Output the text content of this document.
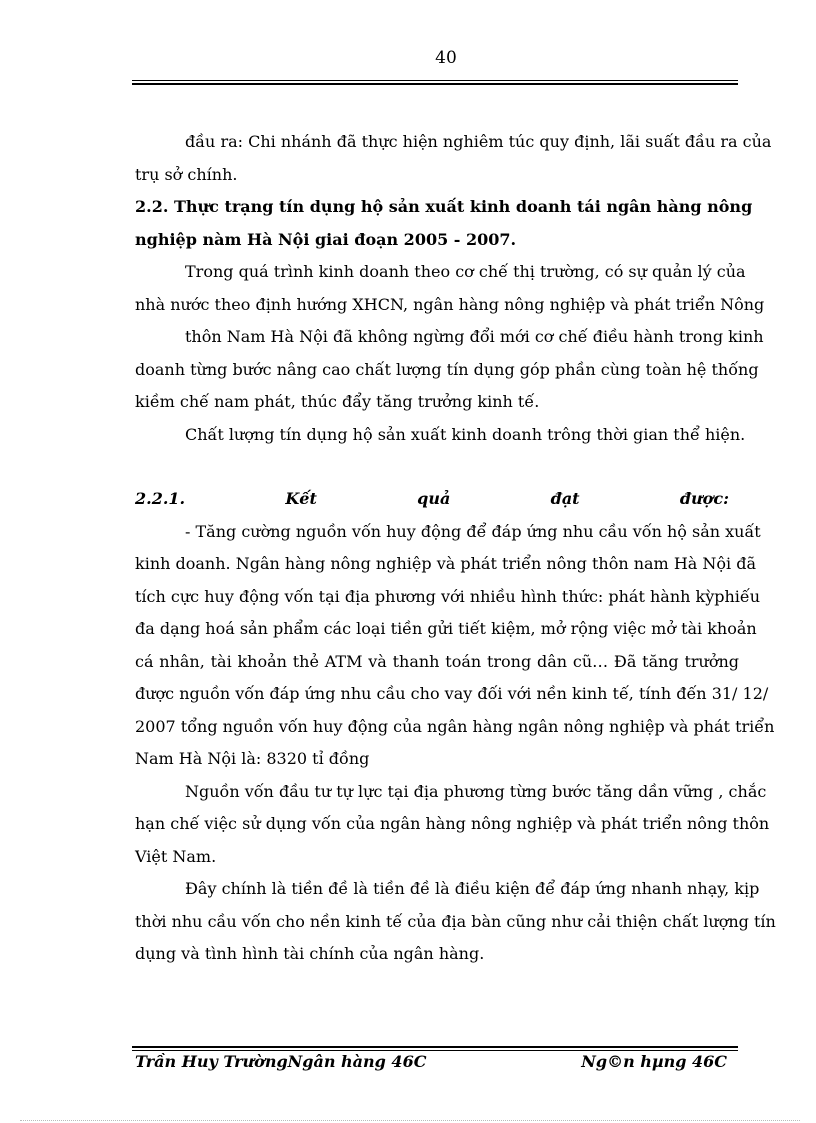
40
đầu ra: Chi nhánh đã thực hiện nghiêm túc quy định, lãi suất đầu ra của
trụ sở chính.
2.2. Thực trạng tín dụng hộ sản xuất kinh doanh tái ngân hàng nông
nghiệp nàm Hà Nội giai đoạn 2005 - 2007.
Trong quá trình kinh doanh theo cơ chế thị trường, có sự quản lý của
nhà nước theo định hướng XHCN, ngân hàng nông nghiệp và phát triển Nông
thôn Nam Hà Nội đã không ngừng đổi mới cơ chế điều hành trong kinh
doanh từng bước nâng cao chất lượng tín dụng góp phần cùng toàn hệ thống
kiềm chế nam phát, thúc đẩy tăng trưởng kinh tế.
Chất lượng tín dụng hộ sản xuất kinh doanh trông thời gian thể hiện.
2.2.1.	Kết	quả	đạt	được:
- Tăng cường nguồn vốn huy động để đáp ứng nhu cầu vốn hộ sản xuất
kinh doanh. Ngân hàng nông nghiệp và phát triển nông thôn nam Hà Nội đã
tích cực huy động vốn tại địa phương với nhiều hình thức: phát hành kỳphiếu
đa dạng hoá sản phẩm các loại tiền gửi tiết kiệm, mở rộng việc mở tài khoản
cá nhân, tài khoản thẻ ATM và thanh toán trong dân cũ… Đã tăng trưởng
được nguồn vốn đáp ứng nhu cầu cho vay đối với nền kinh tế, tính đến 31/ 12/
2007 tổng nguồn vốn huy động của ngân hàng ngân nông nghiệp và phát triển
Nam Hà Nội là: 8320 tỉ đồng
Nguồn vốn đầu tư tự lực tại địa phương từng bước tăng dần vững , chắc
hạn chế việc sử dụng vốn của ngân hàng nông nghiệp và phát triển nông thôn
Việt Nam.
Đây chính là tiền đề là tiền đề là điều kiện để đáp ứng nhanh nhạy, kịp
thời nhu cầu vốn cho nền kinh tế của địa bàn cũng như cải thiện chất lượng tín
dụng và tình hình tài chính của ngân hàng.
Trần Huy TrườngNgân hàng 46C	Ng©n hµng 46C
